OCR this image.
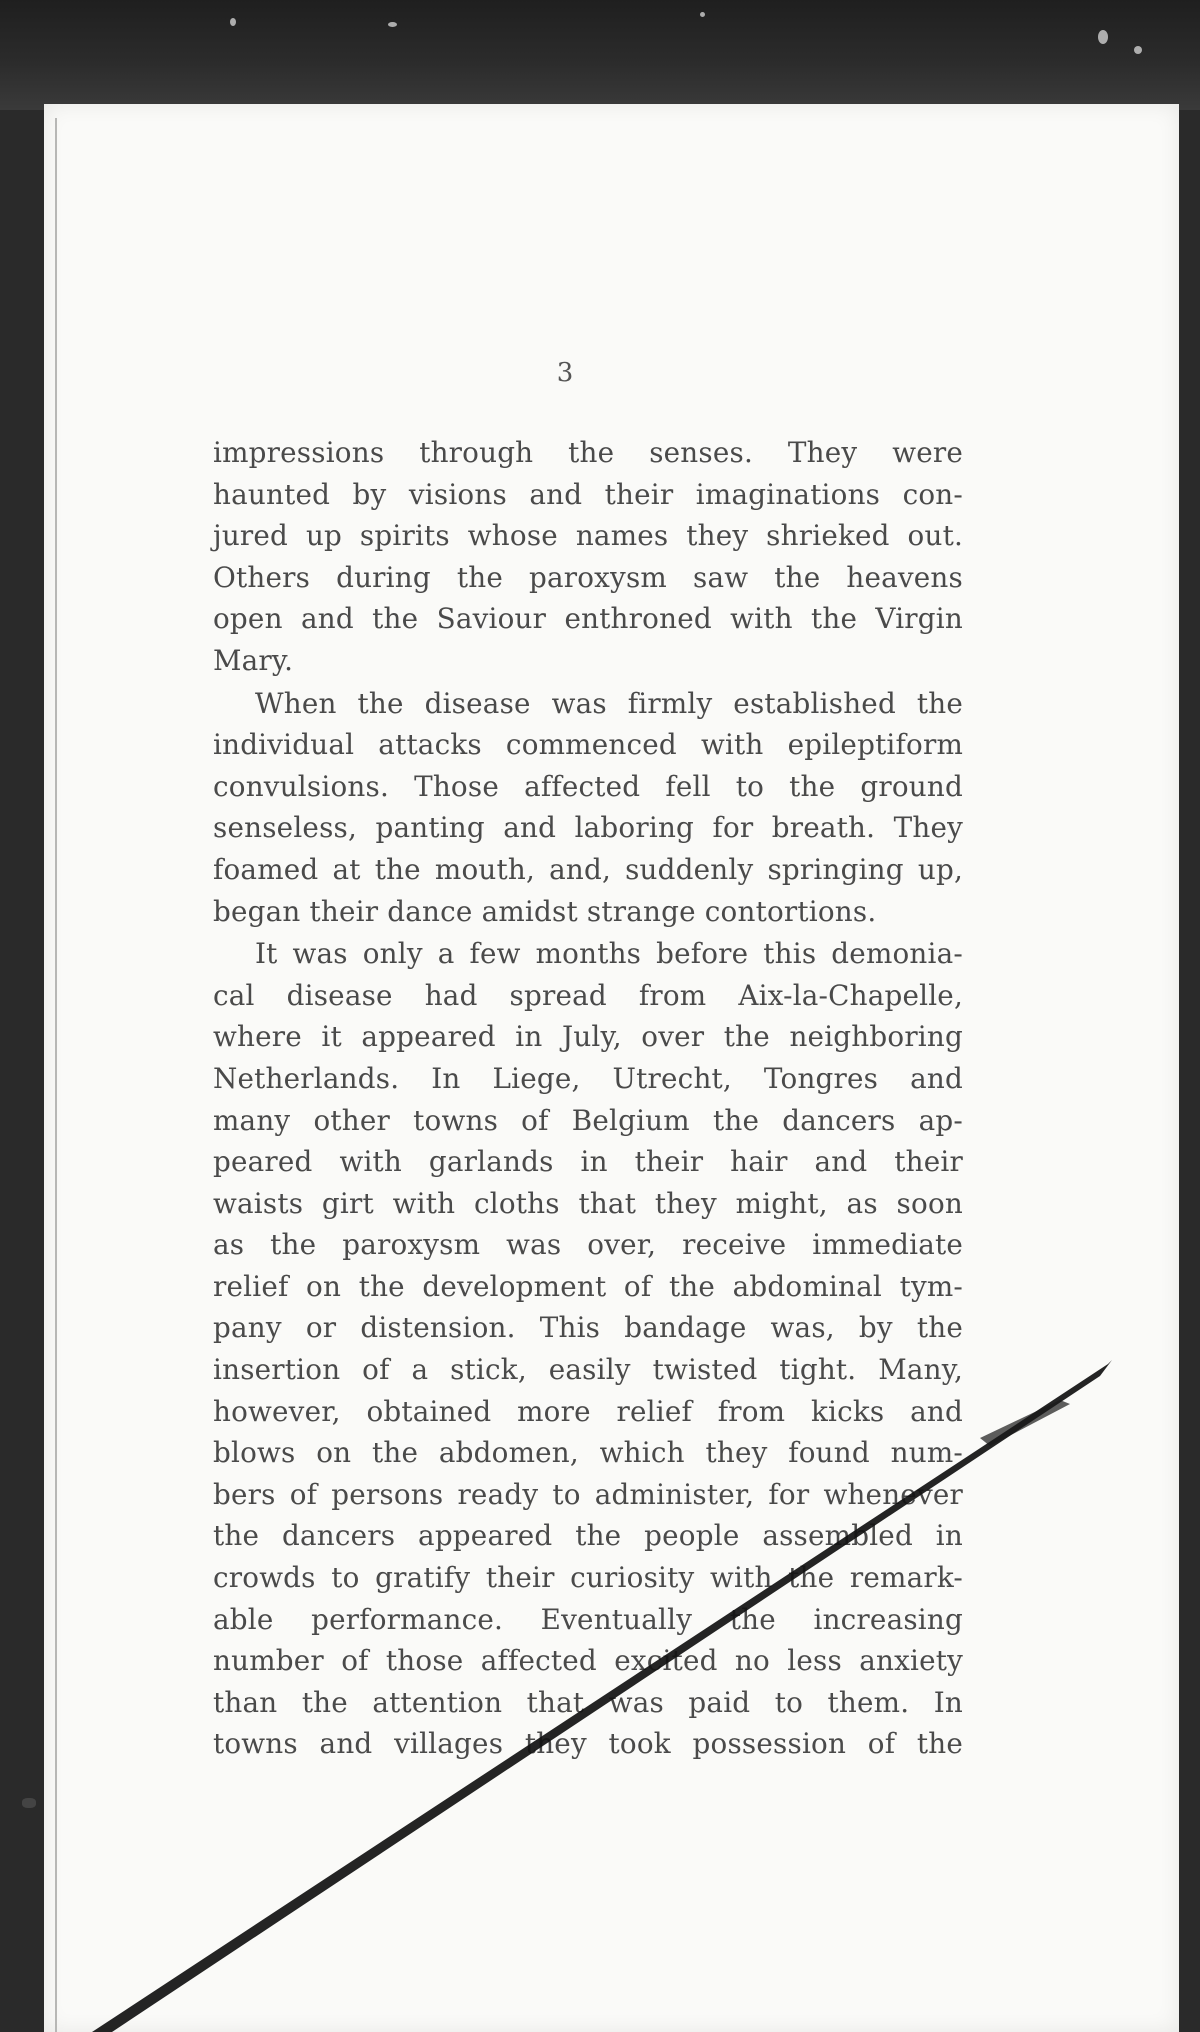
3
impressions through the senses. They were
haunted by visions and their imaginations con-
jured up spirits whose names they shrieked out.
Others during the paroxysm saw the heavens
open and the Saviour enthroned with the Virgin
Mary.
When the disease was firmly established the
individual attacks commenced with epileptiform
convulsions. Those affected fell to the ground
senseless, panting and laboring for breath. They
foamed at the mouth, and, suddenly springing up,
began their dance amidst strange contortions.
It was only a few months before this demonia-
cal disease had spread from Aix-la-Chapelle,
where it appeared in July, over the neighboring
Netherlands. In Liege, Utrecht, Tongres and
many other towns of Belgium the dancers ap-
peared with garlands in their hair and their
waists girt with cloths that they might, as soon
as the paroxysm was over, receive immediate
relief on the development of the abdominal tym-
pany or distension. This bandage was, by the
insertion of a stick, easily twisted tight. Many,
however, obtained more relief from kicks and
blows on the abdomen, which they found num-
bers of persons ready to administer, for whenever
the dancers appeared the people assembled in
crowds to gratify their curiosity with the remark-
able performance. Eventually the increasing
number of those affected excited no less anxiety
than the attention that was paid to them. In
towns and villages they took possession of the
